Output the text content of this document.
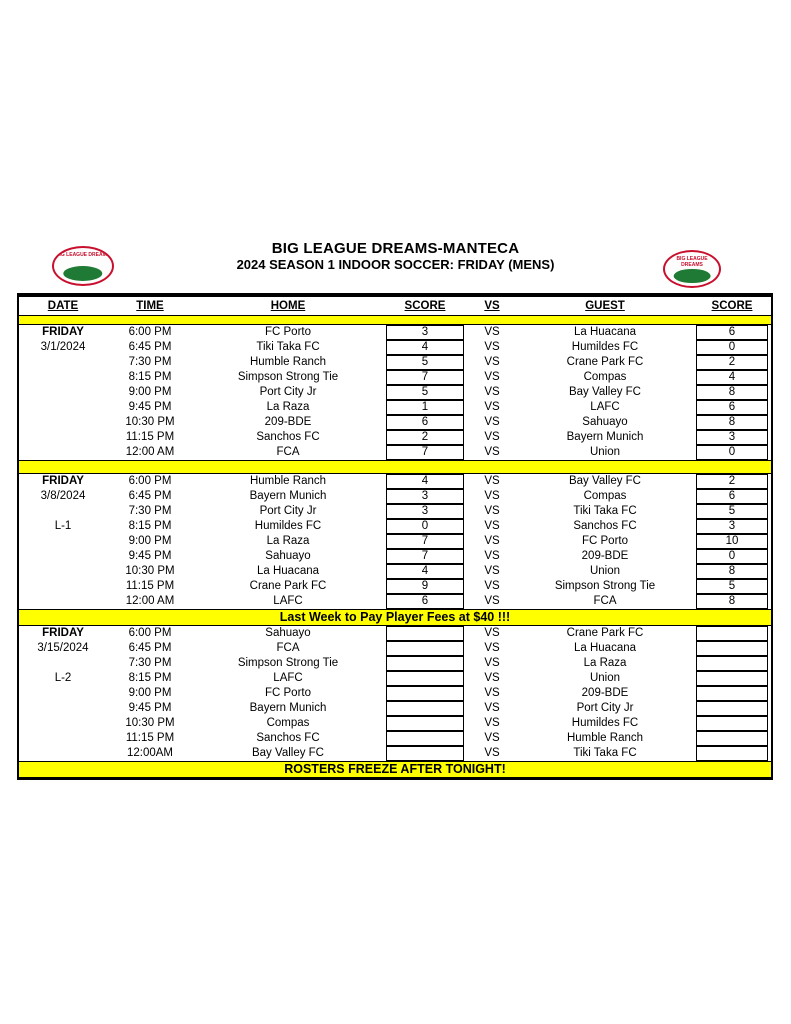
BIG LEAGUE DREAMS
BIG LEAGUE DREAMS
BIG LEAGUE DREAMS-MANTECA
2024 SEASON 1 INDOOR SOCCER: FRIDAY (MENS)
DATE	TIME	HOME	SCORE	VS	GUEST	SCORE
FRIDAY	6:00 PM	FC Porto	3	VS	La Huacana	6
3/1/2024	6:45 PM	Tiki Taka FC	4	VS	Humildes FC	0
7:30 PM	Humble Ranch	5	VS	Crane Park FC	2
8:15 PM	Simpson Strong Tie	7	VS	Compas	4
9:00 PM	Port City Jr	5	VS	Bay Valley FC	8
9:45 PM	La Raza	1	VS	LAFC	6
10:30 PM	209-BDE	6	VS	Sahuayo	8
11:15 PM	Sanchos FC	2	VS	Bayern Munich	3
12:00 AM	FCA	7	VS	Union	0
FRIDAY	6:00 PM	Humble Ranch	4	VS	Bay Valley FC	2
3/8/2024	6:45 PM	Bayern Munich	3	VS	Compas	6
7:30 PM	Port City Jr	3	VS	Tiki Taka FC	5
L-1	8:15 PM	Humildes FC	0	VS	Sanchos FC	3
9:00 PM	La Raza	7	VS	FC Porto	10
9:45 PM	Sahuayo	7	VS	209-BDE	0
10:30 PM	La Huacana	4	VS	Union	8
11:15 PM	Crane Park FC	9	VS	Simpson Strong Tie	5
12:00 AM	LAFC	6	VS	FCA	8
Last Week to Pay Player Fees at $40 !!!
FRIDAY	6:00 PM	Sahuayo	VS	Crane Park FC
3/15/2024	6:45 PM	FCA	VS	La Huacana
7:30 PM	Simpson Strong Tie	VS	La Raza
L-2	8:15 PM	LAFC	VS	Union
9:00 PM	FC Porto	VS	209-BDE
9:45 PM	Bayern Munich	VS	Port City Jr
10:30 PM	Compas	VS	Humildes FC
11:15 PM	Sanchos FC	VS	Humble Ranch
12:00AM	Bay Valley FC	VS	Tiki Taka FC
ROSTERS FREEZE AFTER TONIGHT!
